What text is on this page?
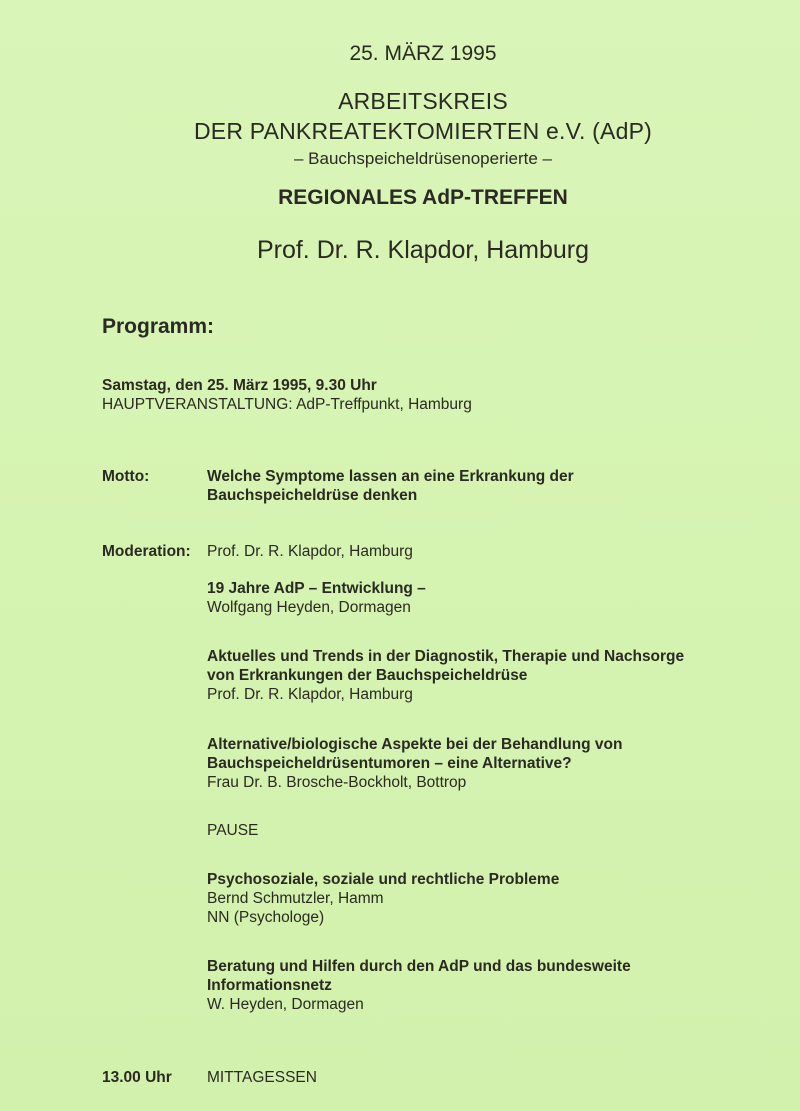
25. MÄRZ 1995
ARBEITSKREIS
DER PANKREATEKTOMIERTEN e.V. (AdP)
– Bauchspeicheldrüsenoperierte –
REGIONALES AdP-TREFFEN
Prof. Dr. R. Klapdor, Hamburg
Programm:
Samstag, den 25. März 1995, 9.30 Uhr
HAUPTVERANSTALTUNG: AdP-Treffpunkt, Hamburg
Motto:	Welche Symptome lassen an eine Erkrankung der
Bauchspeicheldrüse denken
Moderation: Prof. Dr. R. Klapdor, Hamburg
19 Jahre AdP – Entwicklung –
Wolfgang Heyden, Dormagen
Aktuelles und Trends in der Diagnostik, Therapie und Nachsorge
von Erkrankungen der Bauchspeicheldrüse
Prof. Dr. R. Klapdor, Hamburg
Alternative/biologische Aspekte bei der Behandlung von
Bauchspeicheldrüsentumoren – eine Alternative?
Frau Dr. B. Brosche-Bockholt, Bottrop
PAUSE
Psychosoziale, soziale und rechtliche Probleme
Bernd Schmutzler, Hamm
NN (Psychologe)
Beratung und Hilfen durch den AdP und das bundesweite
Informationsnetz
W. Heyden, Dormagen
13.00 Uhr MITTAGESSEN
